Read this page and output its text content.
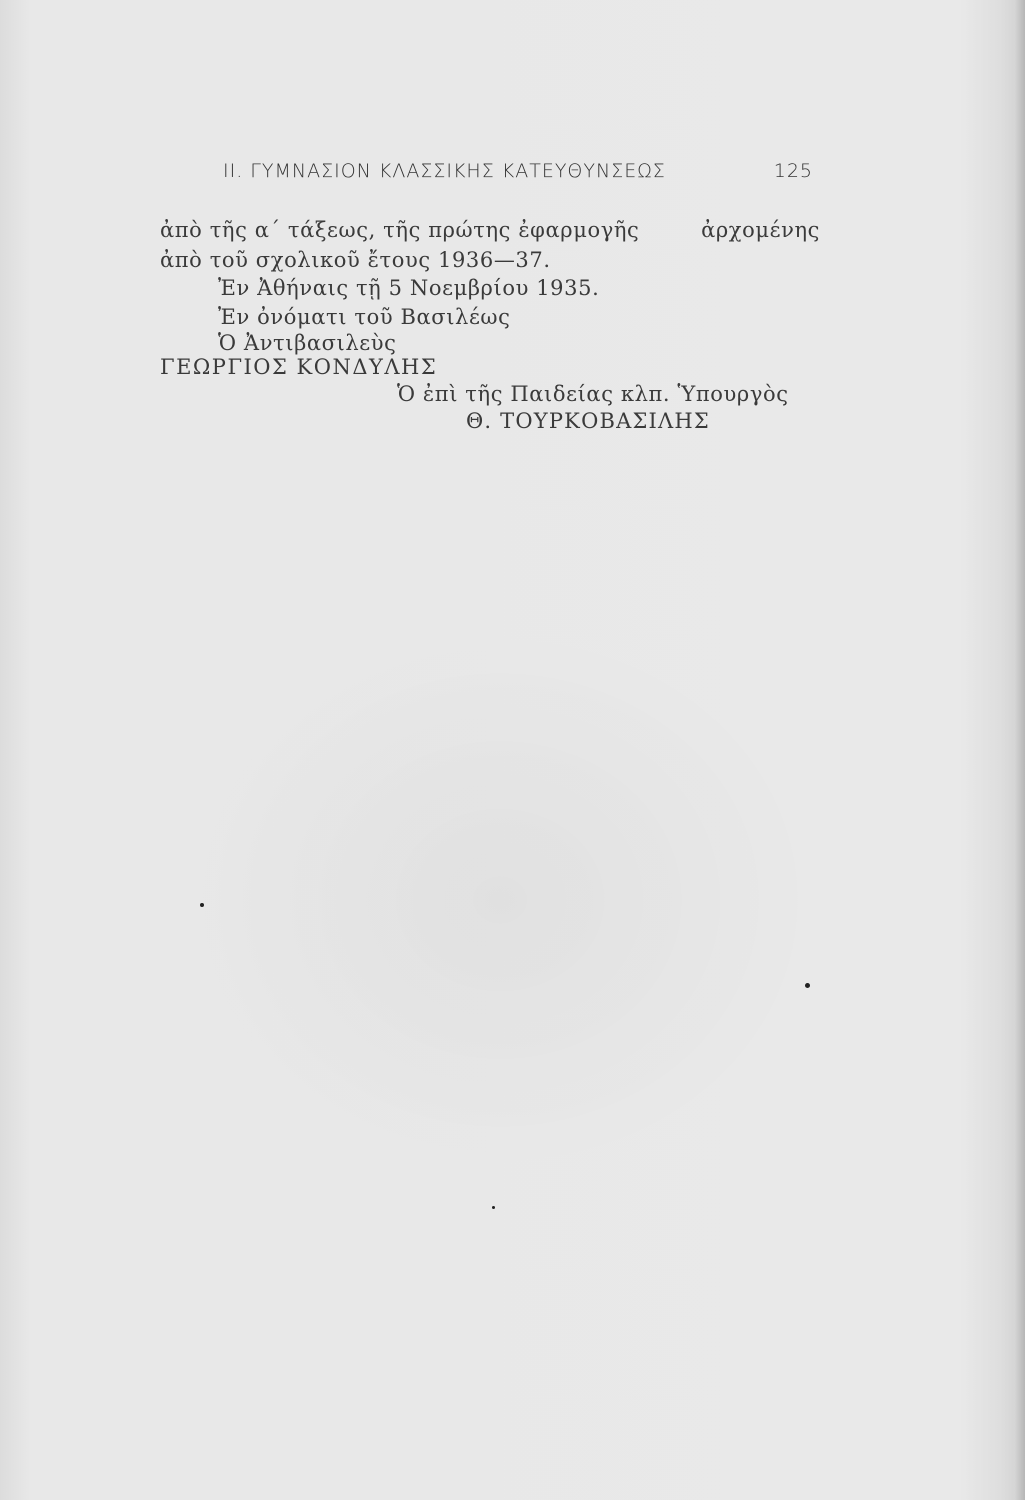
II. ΓΥΜΝΑΣΙΟΝ ΚΛΑΣΣΙΚΗΣ ΚΑΤΕΥΘΥΝΣΕΩΣ	125
ἀπὸ τῆς α΄ τάξεως, τῆς πρώτης ἐφαρμογῆς	ἀρχομένης
ἀπὸ τοῦ σχολικοῦ ἔτους 1936—37.
Ἐν Ἀθήναις τῇ 5 Νοεμβρίου 1935.
Ἐν ὀνόματι τοῦ Βασιλέως
Ὁ Ἀντιβασιλεὺς
ΓΕΩΡΓΙΟΣ ΚΟΝΔΥΛΗΣ
Ὁ ἐπὶ τῆς Παιδείας κλπ. Ὑπουργὸς
Θ. ΤΟΥΡΚΟΒΑΣΙΛΗΣ
